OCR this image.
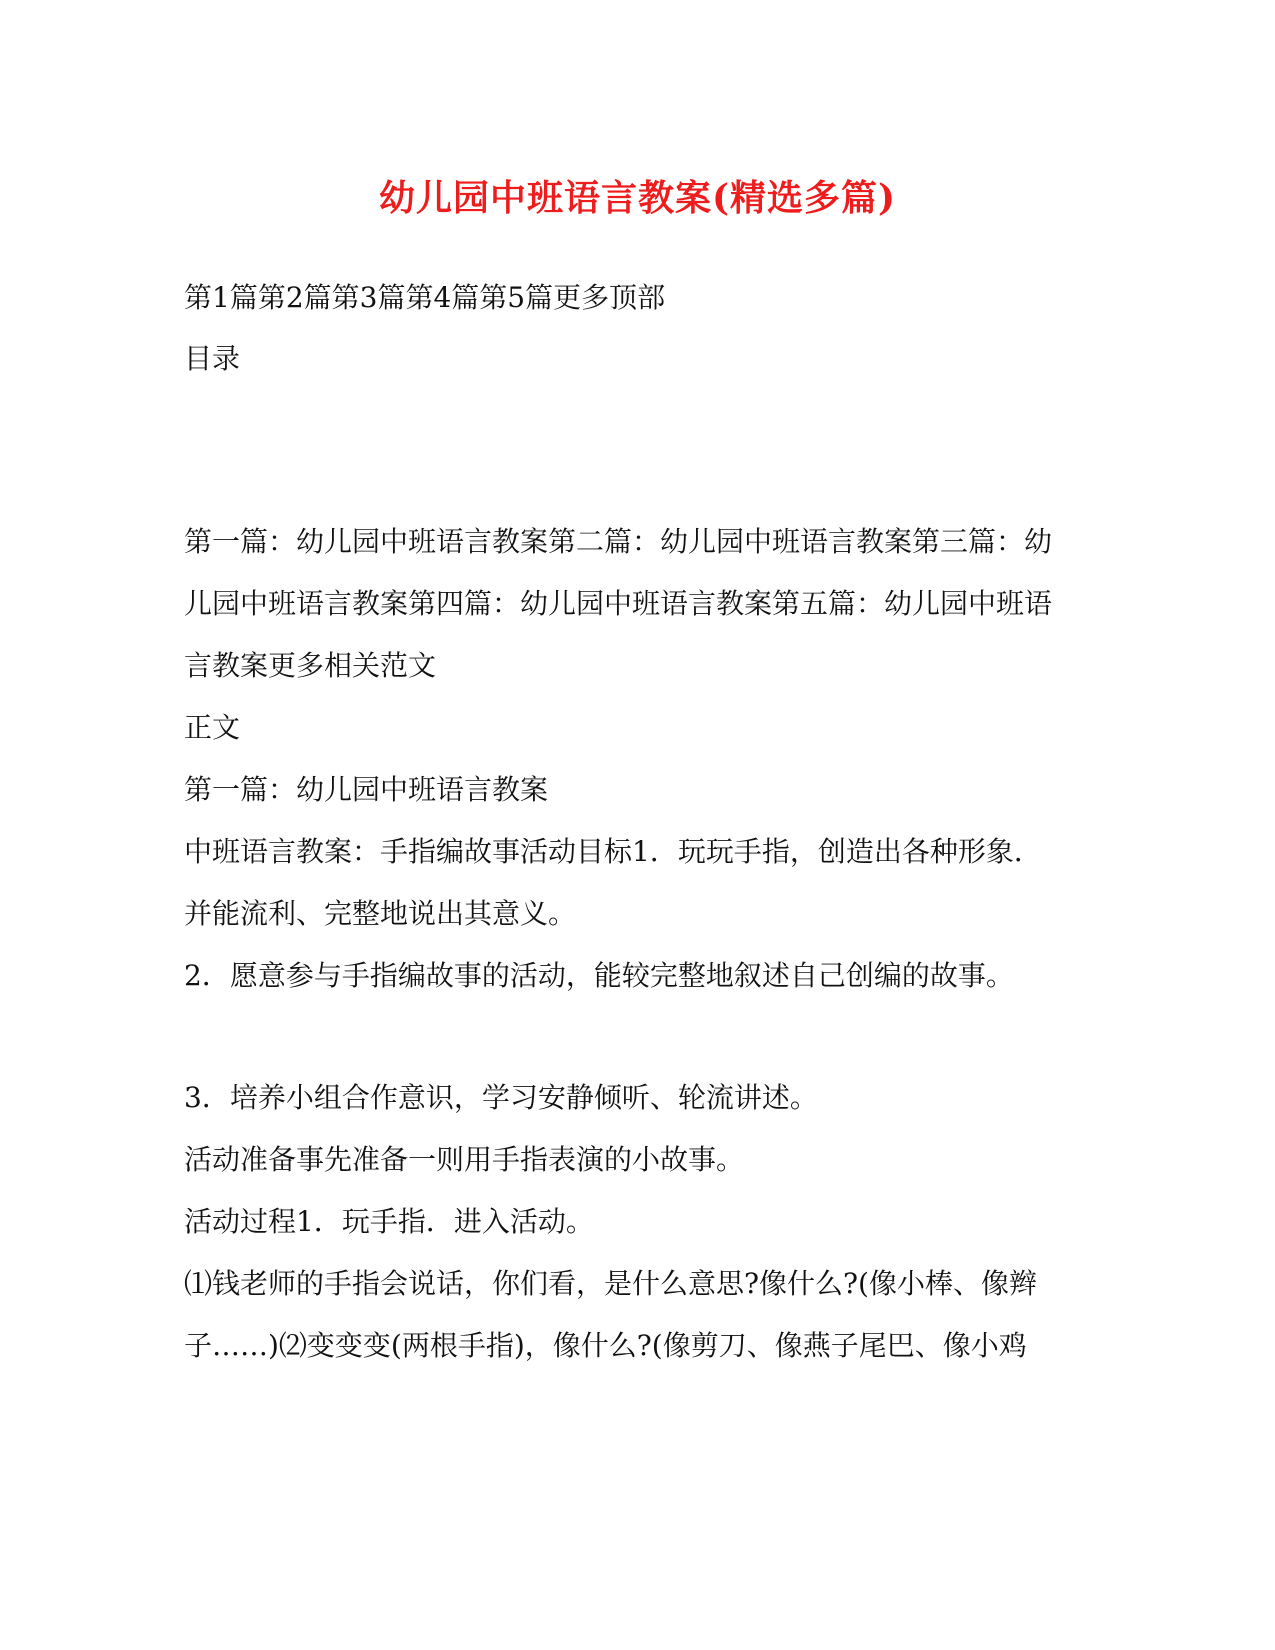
幼儿园中班语言教案(精选多篇)
第1篇第2篇第3篇第4篇第5篇更多顶部
目录
第一篇：幼儿园中班语言教案第二篇：幼儿园中班语言教案第三篇：幼
儿园中班语言教案第四篇：幼儿园中班语言教案第五篇：幼儿园中班语
言教案更多相关范文
正文
第一篇：幼儿园中班语言教案
中班语言教案：手指编故事活动目标1．玩玩手指，创造出各种形象．
并能流利、完整地说出其意义。
2．愿意参与手指编故事的活动，能较完整地叙述自己创编的故事。
3．培养小组合作意识，学习安静倾听、轮流讲述。
活动准备事先准备一则用手指表演的小故事。
活动过程1．玩手指．进入活动。
⑴钱老师的手指会说话，你们看，是什么意思?像什么?(像小棒、像辫
子……)⑵变变变(两根手指)，像什么?(像剪刀、像燕子尾巴、像小鸡
